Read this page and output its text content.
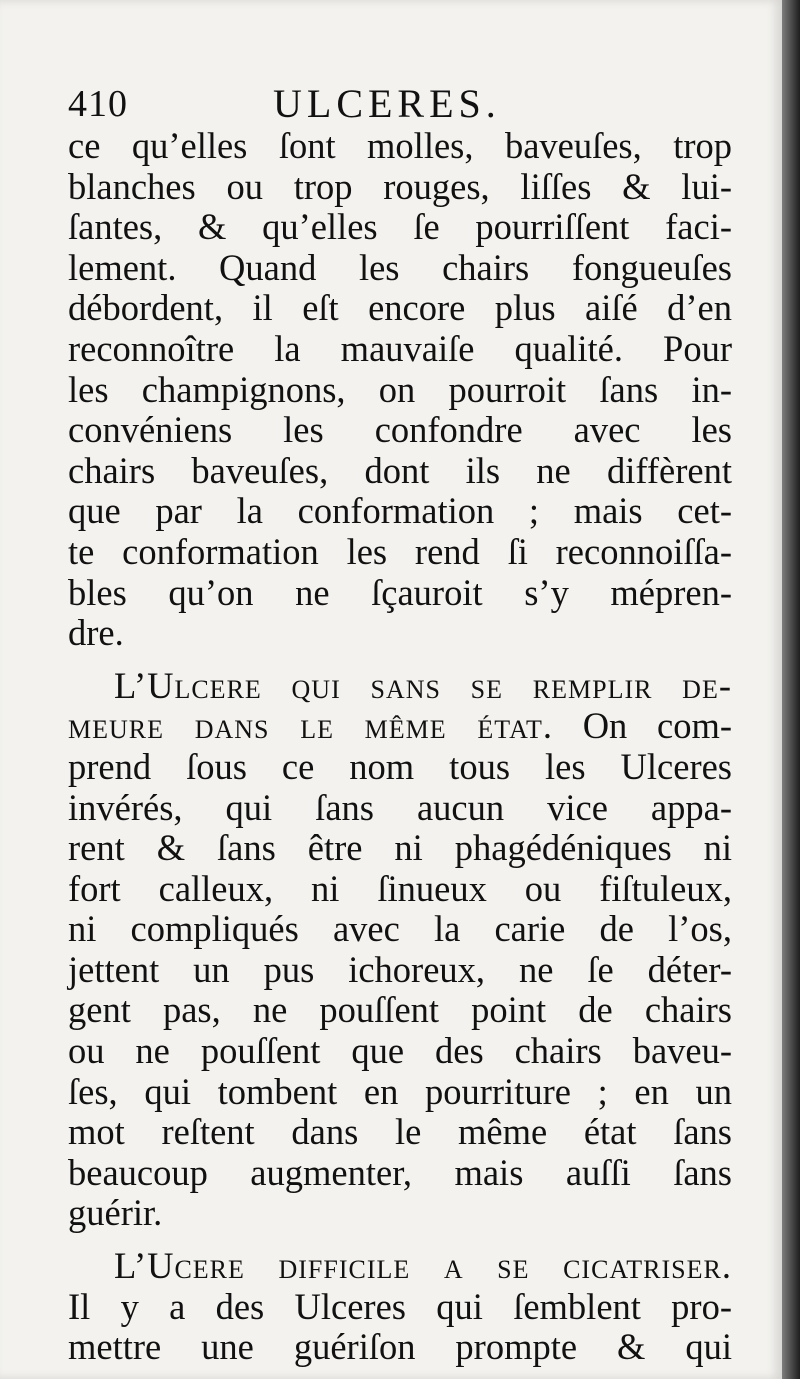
410	ULCERES.
ce qu’elles ſont molles, baveuſes, trop
blanches ou trop rouges, liſſes & lui-
ſantes, & qu’elles ſe pourriſſent faci-
lement. Quand les chairs fongueuſes
débordent, il eſt encore plus aiſé d’en
reconnoître la mauvaiſe qualité. Pour
les champignons, on pourroit ſans in-
convéniens les confondre avec les
chairs baveuſes, dont ils ne diffèrent
que par la conformation ; mais cet-
te conformation les rend ſi reconnoiſſa-
bles qu’on ne ſçauroit s’y mépren-
dre.
L’Ulcere qui sans se remplir de-
meure dans le même état. On com-
prend ſous ce nom tous les Ulceres
invérés, qui ſans aucun vice appa-
rent & ſans être ni phagédéniques ni
fort calleux, ni ſinueux ou fiſtuleux,
ni compliqués avec la carie de l’os,
jettent un pus ichoreux, ne ſe déter-
gent pas, ne pouſſent point de chairs
ou ne pouſſent que des chairs baveu-
ſes, qui tombent en pourriture ; en un
mot reſtent dans le même état ſans
beaucoup augmenter, mais auſſi ſans
guérir.
L’Ucere difficile a se cicatriser.
Il y a des Ulceres qui ſemblent pro-
mettre une guériſon prompte & qui
